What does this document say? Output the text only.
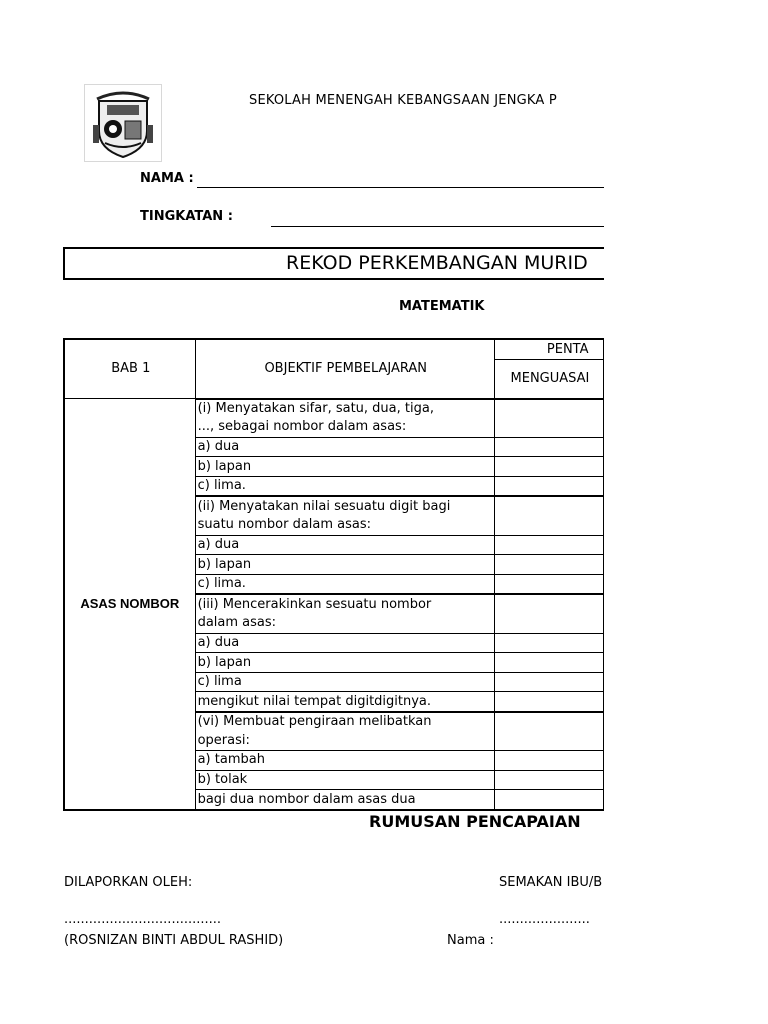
SEKOLAH MENENGAH KEBANGSAAN JENGKA P
NAMA :
TINGKATAN :
REKOD PERKEMBANGAN MURID
MATEMATIK
BAB 1	OBJEKTIF PEMBELAJARAN	PENTA
		MENGUASAI
ASAS NOMBOR	(i) Menyatakan sifar, satu, dua, tiga,	
	..., sebagai nombor dalam asas:	
	a) dua	
	b) lapan	
	c) lima.	
	(ii) Menyatakan nilai sesuatu digit bagi	
	suatu nombor dalam asas:	
	a) dua	
	b) lapan	
	c) lima.	
	(iii) Mencerakinkan sesuatu nombor	
	dalam asas:	
	a) dua	
	b) lapan	
	c) lima	
	mengikut nilai tempat digitdigitnya.	
	(vi) Membuat pengiraan melibatkan	
	operasi:	
	a) tambah	
	b) tolak	
	bagi dua nombor dalam asas dua	
RUMUSAN PENCAPAIAN
DILAPORKAN OLEH:	SEMAKAN IBU/B
......................................	......................
(ROSNIZAN BINTI ABDUL RASHID)	Nama :
